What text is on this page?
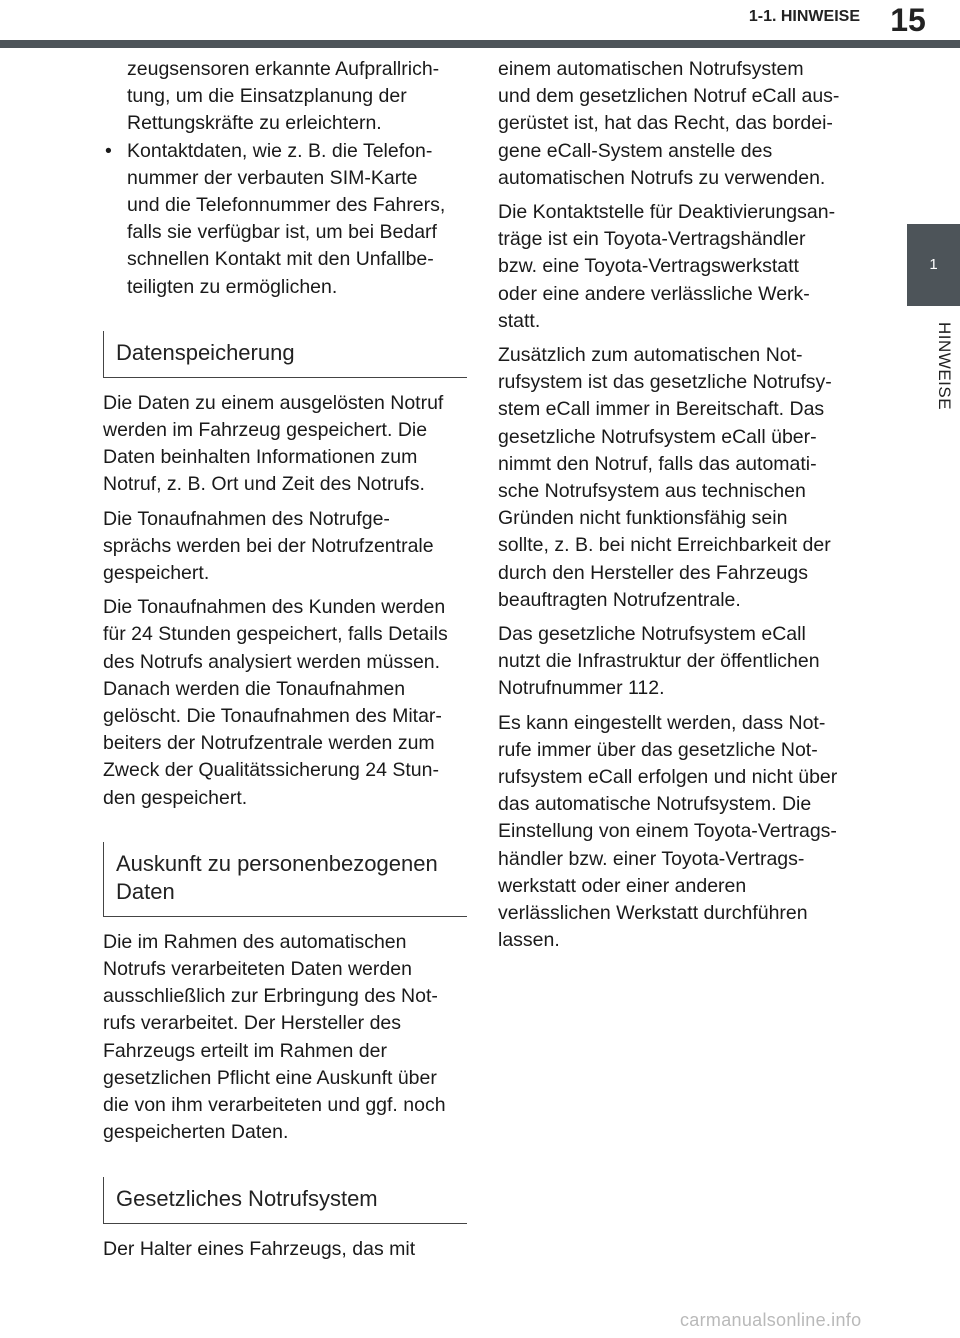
1-1. HINWEISE 15
1
HINWEISE

zeugsensoren erkannte Aufprallrich-
tung, um die Einsatzplanung der
Rettungskräfte zu erleichtern.

• Kontaktdaten, wie z. B. die Telefon-
nummer der verbauten SIM-Karte
und die Telefonnummer des Fahrers,
falls sie verfügbar ist, um bei Bedarf
schnellen Kontakt mit den Unfallbe-
teiligten zu ermöglichen.
Datenspeicherung

Die Daten zu einem ausgelösten Notruf
werden im Fahrzeug gespeichert. Die
Daten beinhalten Informationen zum
Notruf, z. B. Ort und Zeit des Notrufs.

Die Tonaufnahmen des Notrufge-
sprächs werden bei der Notrufzentrale
gespeichert.

Die Tonaufnahmen des Kunden werden
für 24 Stunden gespeichert, falls Details
des Notrufs analysiert werden müssen.
Danach werden die Tonaufnahmen
gelöscht. Die Tonaufnahmen des Mitar-
beiters der Notrufzentrale werden zum
Zweck der Qualitätssicherung 24 Stun-
den gespeichert.

Auskunft zu personenbezogenen
Daten

Die im Rahmen des automatischen
Notrufs verarbeiteten Daten werden
ausschließlich zur Erbringung des Not-
rufs verarbeitet. Der Hersteller des
Fahrzeugs erteilt im Rahmen der
gesetzlichen Pflicht eine Auskunft über
die von ihm verarbeiteten und ggf. noch
gespeicherten Daten.

Gesetzliches Notrufsystem

Der Halter eines Fahrzeugs, das mit

einem automatischen Notrufsystem
und dem gesetzlichen Notruf eCall aus-
gerüstet ist, hat das Recht, das bordei-
gene eCall-System anstelle des
automatischen Notrufs zu verwenden.

Die Kontaktstelle für Deaktivierungsan-
träge ist ein Toyota-Vertragshändler
bzw. eine Toyota-Vertragswerkstatt
oder eine andere verlässliche Werk-
statt.

Zusätzlich zum automatischen Not-
rufsystem ist das gesetzliche Notrufsy-
stem eCall immer in Bereitschaft. Das
gesetzliche Notrufsystem eCall über-
nimmt den Notruf, falls das automati-
sche Notrufsystem aus technischen
Gründen nicht funktionsfähig sein
sollte, z. B. bei nicht Erreichbarkeit der
durch den Hersteller des Fahrzeugs
beauftragten Notrufzentrale.

Das gesetzliche Notrufsystem eCall
nutzt die Infrastruktur der öffentlichen
Notrufnummer 112.

Es kann eingestellt werden, dass Not-
rufe immer über das gesetzliche Not-
rufsystem eCall erfolgen und nicht über
das automatische Notrufsystem. Die
Einstellung von einem Toyota-Vertrags-
händler bzw. einer Toyota-Vertrags-
werkstatt oder einer anderen
verlässlichen Werkstatt durchführen
lassen.

carmanualsonline.info
